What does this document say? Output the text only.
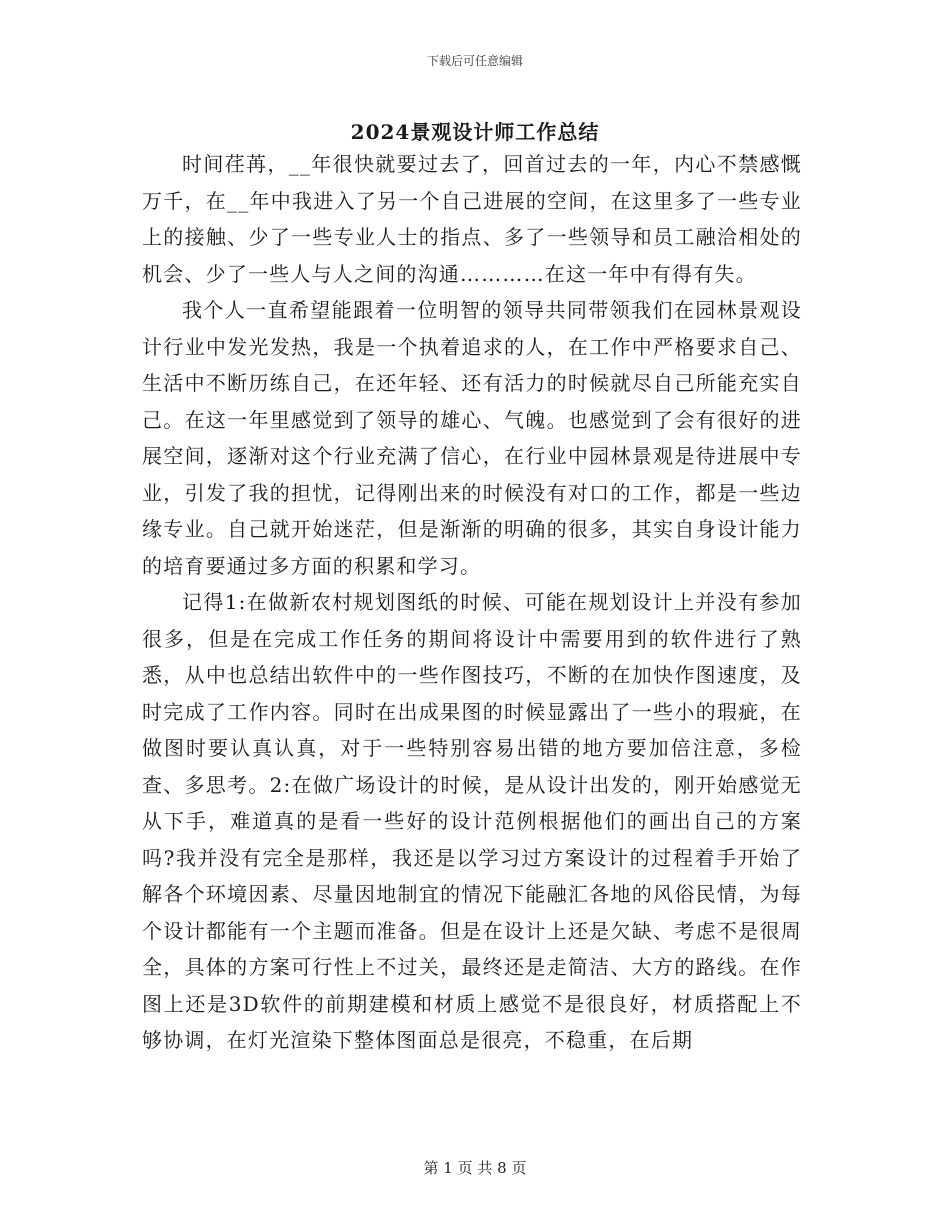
下载后可任意编辑
2024景观设计师工作总结

时间荏苒，__年很快就要过去了，回首过去的一年，内心不禁感慨万千，在__年中我进入了另一个自己进展的空间，在这里多了一些专业上的接触、少了一些专业人士的指点、多了一些领导和员工融洽相处的机会、少了一些人与人之间的沟通…………在这一年中有得有失。

我个人一直希望能跟着一位明智的领导共同带领我们在园林景观设计行业中发光发热，我是一个执着追求的人，在工作中严格要求自己、生活中不断历练自己，在还年轻、还有活力的时候就尽自己所能充实自己。在这一年里感觉到了领导的雄心、气魄。也感觉到了会有很好的进展空间，逐渐对这个行业充满了信心，在行业中园林景观是待进展中专业，引发了我的担忧，记得刚出来的时候没有对口的工作，都是一些边缘专业。自己就开始迷茫，但是渐渐的明确的很多，其实自身设计能力的培育要通过多方面的积累和学习。

记得1:在做新农村规划图纸的时候、可能在规划设计上并没有参加很多，但是在完成工作任务的期间将设计中需要用到的软件进行了熟悉，从中也总结出软件中的一些作图技巧，不断的在加快作图速度，及时完成了工作内容。同时在出成果图的时候显露出了一些小的瑕疵，在做图时要认真认真，对于一些特别容易出错的地方要加倍注意，多检查、多思考。2:在做广场设计的时候，是从设计出发的，刚开始感觉无从下手，难道真的是看一些好的设计范例根据他们的画出自己的方案吗?我并没有完全是那样，我还是以学习过方案设计的过程着手开始了解各个环境因素、尽量因地制宜的情况下能融汇各地的风俗民情，为每个设计都能有一个主题而准备。但是在设计上还是欠缺、考虑不是很周全，具体的方案可行性上不过关，最终还是走简洁、大方的路线。在作图上还是3D软件的前期建模和材质上感觉不是很良好，材质搭配上不够协调，在灯光渲染下整体图面总是很亮，不稳重，在后期

第 1 页 共 8 页
